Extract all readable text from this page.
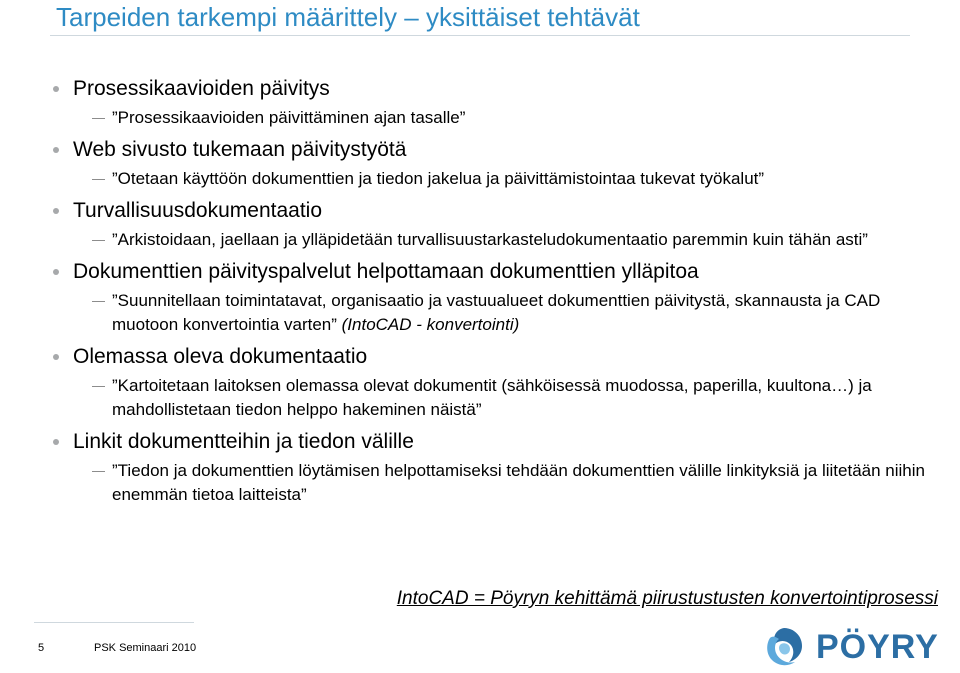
Tarpeiden tarkempi määrittely – yksittäiset tehtävät

Prosessikaavioiden päivitys

”Prosessikaavioiden päivittäminen ajan tasalle”

Web sivusto tukemaan päivitystyötä

”Otetaan käyttöön dokumenttien ja tiedon jakelua ja päivittämistointaa tukevat työkalut”

Turvallisuusdokumentaatio

”Arkistoidaan, jaellaan ja ylläpidetään turvallisuustarkasteludokumentaatio paremmin kuin tähän asti”

Dokumenttien päivityspalvelut helpottamaan dokumenttien ylläpitoa

”Suunnitellaan toimintatavat, organisaatio ja vastuualueet dokumenttien päivitystä, skannausta ja CAD muotoon konvertointia varten” (IntoCAD - konvertointi)

Olemassa oleva dokumentaatio

”Kartoitetaan laitoksen olemassa olevat dokumentit (sähköisessä muodossa, paperilla, kuultona…) ja mahdollistetaan tiedon helppo hakeminen näistä”

Linkit dokumentteihin ja tiedon välille

”Tiedon ja dokumenttien löytämisen helpottamiseksi tehdään dokumenttien välille linkityksiä ja liitetään niihin enemmän tietoa laitteista”

IntoCAD = Pöyryn kehittämä piirustustusten konvertointiprosessi

5	PSK Seminaari 2010	PÖYRY
